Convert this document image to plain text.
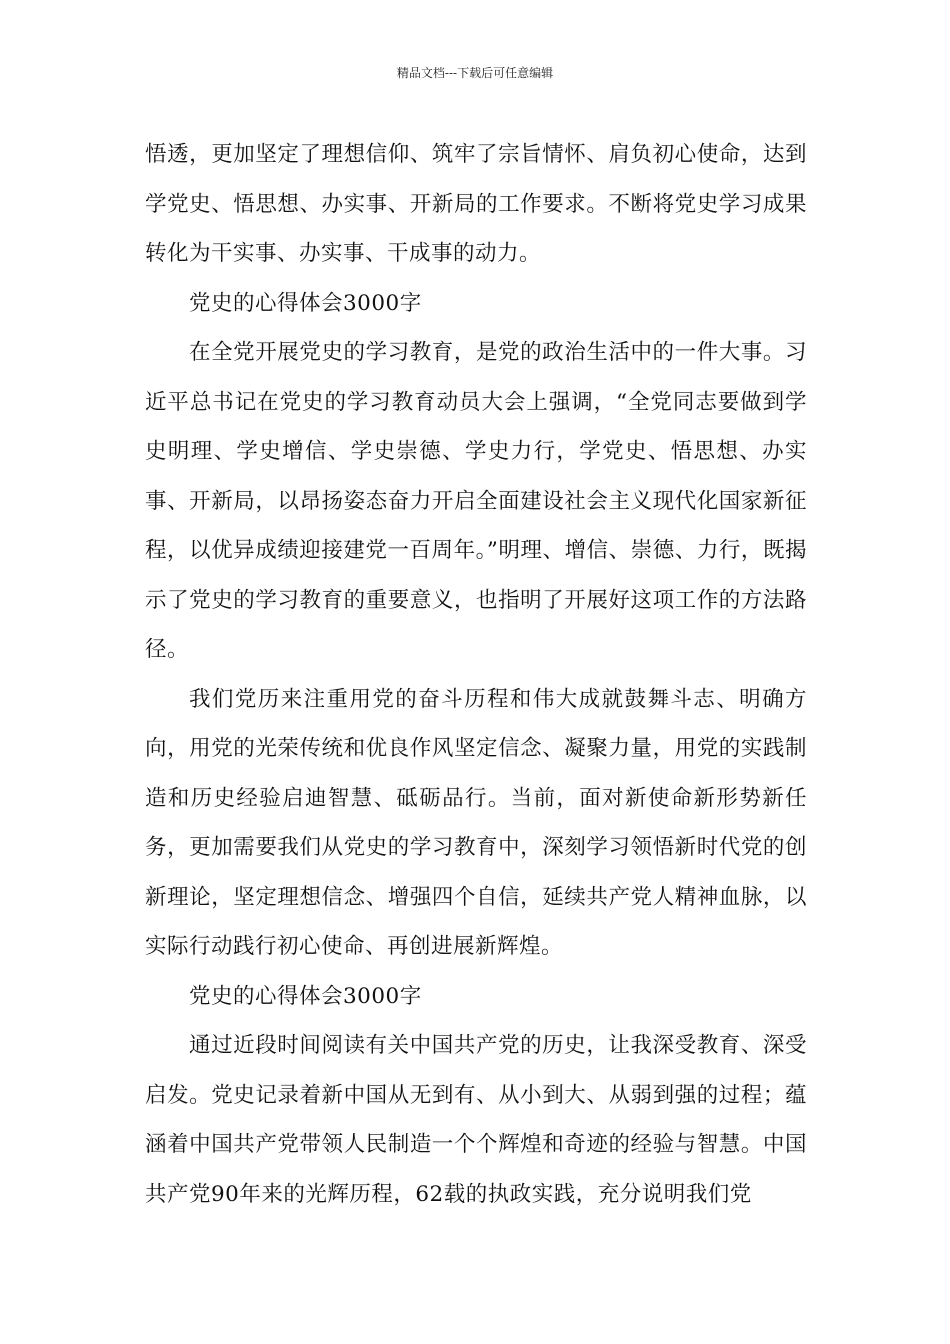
精品文档---下载后可任意编辑

悟透，更加坚定了理想信仰、筑牢了宗旨情怀、肩负初心使命，达到学党史、悟思想、办实事、开新局的工作要求。不断将党史学习成果转化为干实事、办实事、干成事的动力。

党史的心得体会3000字

在全党开展党史的学习教育，是党的政治生活中的一件大事。习近平总书记在党史的学习教育动员大会上强调，“全党同志要做到学史明理、学史增信、学史崇德、学史力行，学党史、悟思想、办实事、开新局，以昂扬姿态奋力开启全面建设社会主义现代化国家新征程，以优异成绩迎接建党一百周年。”明理、增信、崇德、力行，既揭示了党史的学习教育的重要意义，也指明了开展好这项工作的方法路径。

我们党历来注重用党的奋斗历程和伟大成就鼓舞斗志、明确方向，用党的光荣传统和优良作风坚定信念、凝聚力量，用党的实践制造和历史经验启迪智慧、砥砺品行。当前，面对新使命新形势新任务，更加需要我们从党史的学习教育中，深刻学习领悟新时代党的创新理论，坚定理想信念、增强四个自信，延续共产党人精神血脉，以实际行动践行初心使命、再创进展新辉煌。

党史的心得体会3000字

通过近段时间阅读有关中国共产党的历史，让我深受教育、深受启发。党史记录着新中国从无到有、从小到大、从弱到强的过程；蕴涵着中国共产党带领人民制造一个个辉煌和奇迹的经验与智慧。中国共产党90年来的光辉历程，62载的执政实践，充分说明我们党
